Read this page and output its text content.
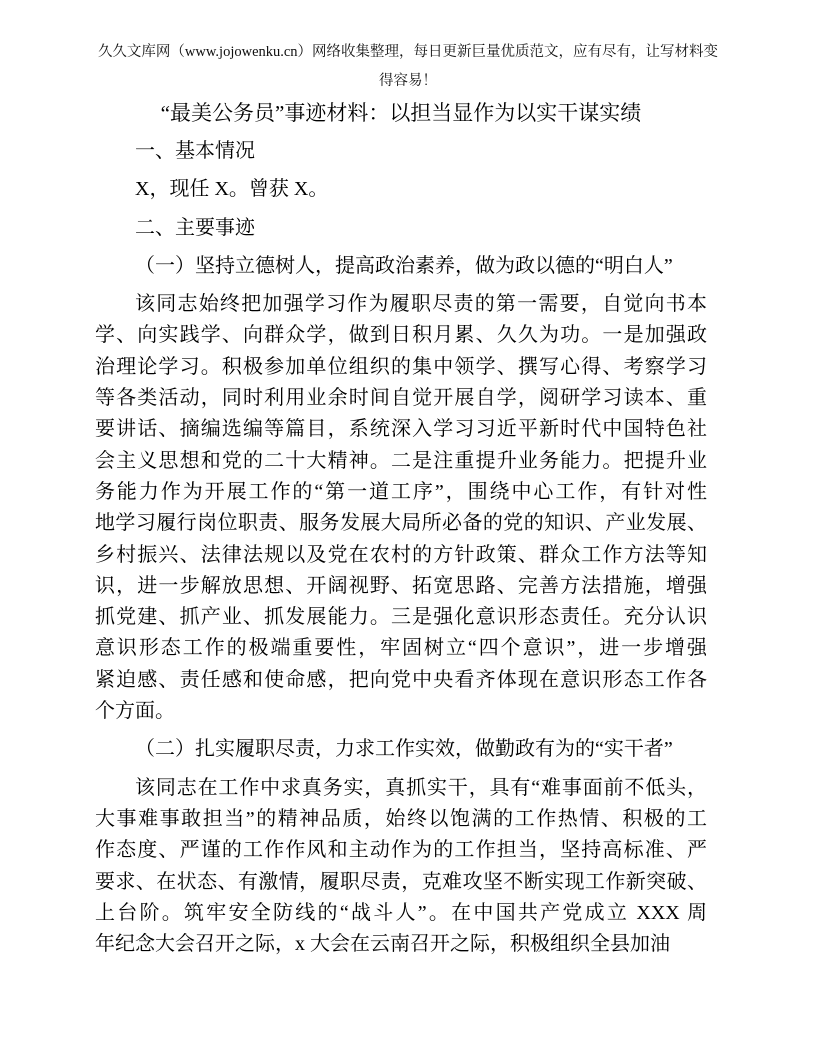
久久文库网（www.jojowenku.cn）网络收集整理，每日更新巨量优质范文，应有尽有，让写材料变
得容易！
“最美公务员”事迹材料：以担当显作为以实干谋实绩
一、基本情况
X，现任 X。曾获 X。
二、主要事迹
（一）坚持立德树人，提高政治素养，做为政以德的“明白人”
该同志始终把加强学习作为履职尽责的第一需要，自觉向书本
学、向实践学、向群众学，做到日积月累、久久为功。一是加强政
治理论学习。积极参加单位组织的集中领学、撰写心得、考察学习
等各类活动，同时利用业余时间自觉开展自学，阅研学习读本、重
要讲话、摘编选编等篇目，系统深入学习习近平新时代中国特色社
会主义思想和党的二十大精神。二是注重提升业务能力。把提升业
务能力作为开展工作的“第一道工序”，围绕中心工作，有针对性
地学习履行岗位职责、服务发展大局所必备的党的知识、产业发展、
乡村振兴、法律法规以及党在农村的方针政策、群众工作方法等知
识，进一步解放思想、开阔视野、拓宽思路、完善方法措施，增强
抓党建、抓产业、抓发展能力。三是强化意识形态责任。充分认识
意识形态工作的极端重要性，牢固树立“四个意识”，进一步增强
紧迫感、责任感和使命感，把向党中央看齐体现在意识形态工作各
个方面。
（二）扎实履职尽责，力求工作实效，做勤政有为的“实干者”
该同志在工作中求真务实，真抓实干，具有“难事面前不低头，
大事难事敢担当”的精神品质，始终以饱满的工作热情、积极的工
作态度、严谨的工作作风和主动作为的工作担当，坚持高标准、严
要求、在状态、有激情，履职尽责，克难攻坚不断实现工作新突破、
上台阶。筑牢安全防线的“战斗人”。在中国共产党成立 XXX 周
年纪念大会召开之际，x 大会在云南召开之际，积极组织全县加油
